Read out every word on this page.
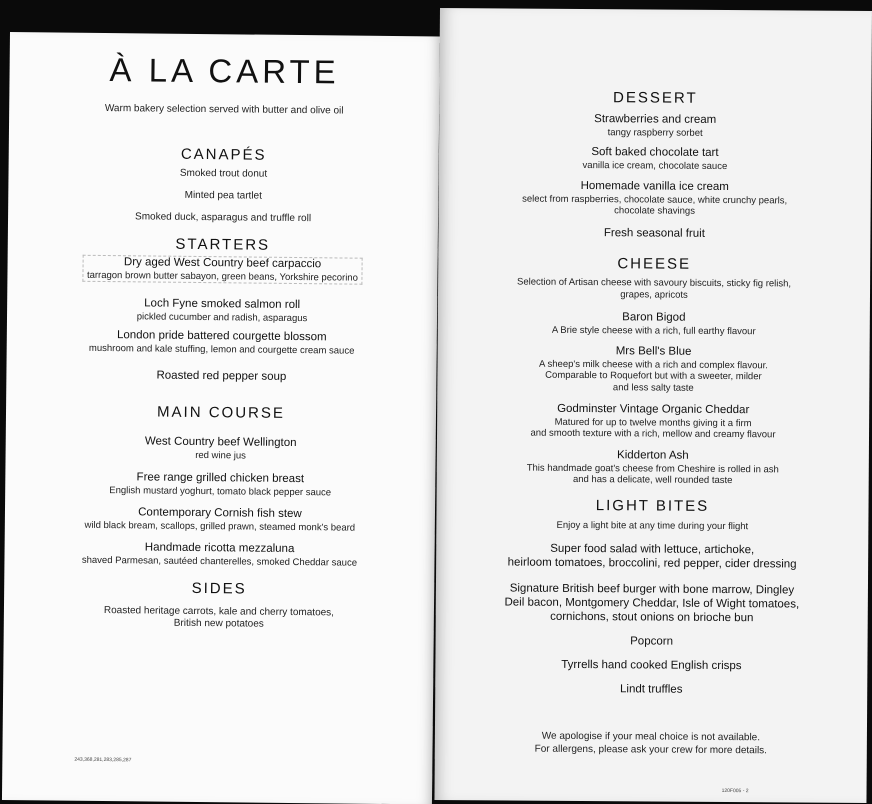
À LA CARTE
Warm bakery selection served with butter and olive oil
CANAPÉS
Smoked trout donut
Minted pea tartlet
Smoked duck, asparagus and truffle roll
STARTERS
Dry aged West Country beef carpaccio
tarragon brown butter sabayon, green beans, Yorkshire pecorino
Loch Fyne smoked salmon roll
pickled cucumber and radish, asparagus
London pride battered courgette blossom
mushroom and kale stuffing, lemon and courgette cream sauce
Roasted red pepper soup
MAIN COURSE
West Country beef Wellington
red wine jus
Free range grilled chicken breast
English mustard yoghurt, tomato black pepper sauce
Contemporary Cornish fish stew
wild black bream, scallops, grilled prawn, steamed monk's beard
Handmade ricotta mezzaluna
shaved Parmesan, sautéed chanterelles, smoked Cheddar sauce
SIDES
Roasted heritage carrots, kale and cherry tomatoes,
British new potatoes
243,368,281,283,285,287
DESSERT
Strawberries and cream
tangy raspberry sorbet
Soft baked chocolate tart
vanilla ice cream, chocolate sauce
Homemade vanilla ice cream
select from raspberries, chocolate sauce, white crunchy pearls,
chocolate shavings
Fresh seasonal fruit
CHEESE
Selection of Artisan cheese with savoury biscuits, sticky fig relish,
grapes, apricots
Baron Bigod
A Brie style cheese with a rich, full earthy flavour
Mrs Bell's Blue
A sheep's milk cheese with a rich and complex flavour.
Comparable to Roquefort but with a sweeter, milder
and less salty taste
Godminster Vintage Organic Cheddar
Matured for up to twelve months giving it a firm
and smooth texture with a rich, mellow and creamy flavour
Kidderton Ash
This handmade goat's cheese from Cheshire is rolled in ash
and has a delicate, well rounded taste
LIGHT BITES
Enjoy a light bite at any time during your flight
Super food salad with lettuce, artichoke,
heirloom tomatoes, broccolini, red pepper, cider dressing
Signature British beef burger with bone marrow, Dingley
Deil bacon, Montgomery Cheddar, Isle of Wight tomatoes,
cornichons, stout onions on brioche bun
Popcorn
Tyrrells hand cooked English crisps
Lindt truffles
We apologise if your meal choice is not available.
For allergens, please ask your crew for more details.
120F005 - 2
